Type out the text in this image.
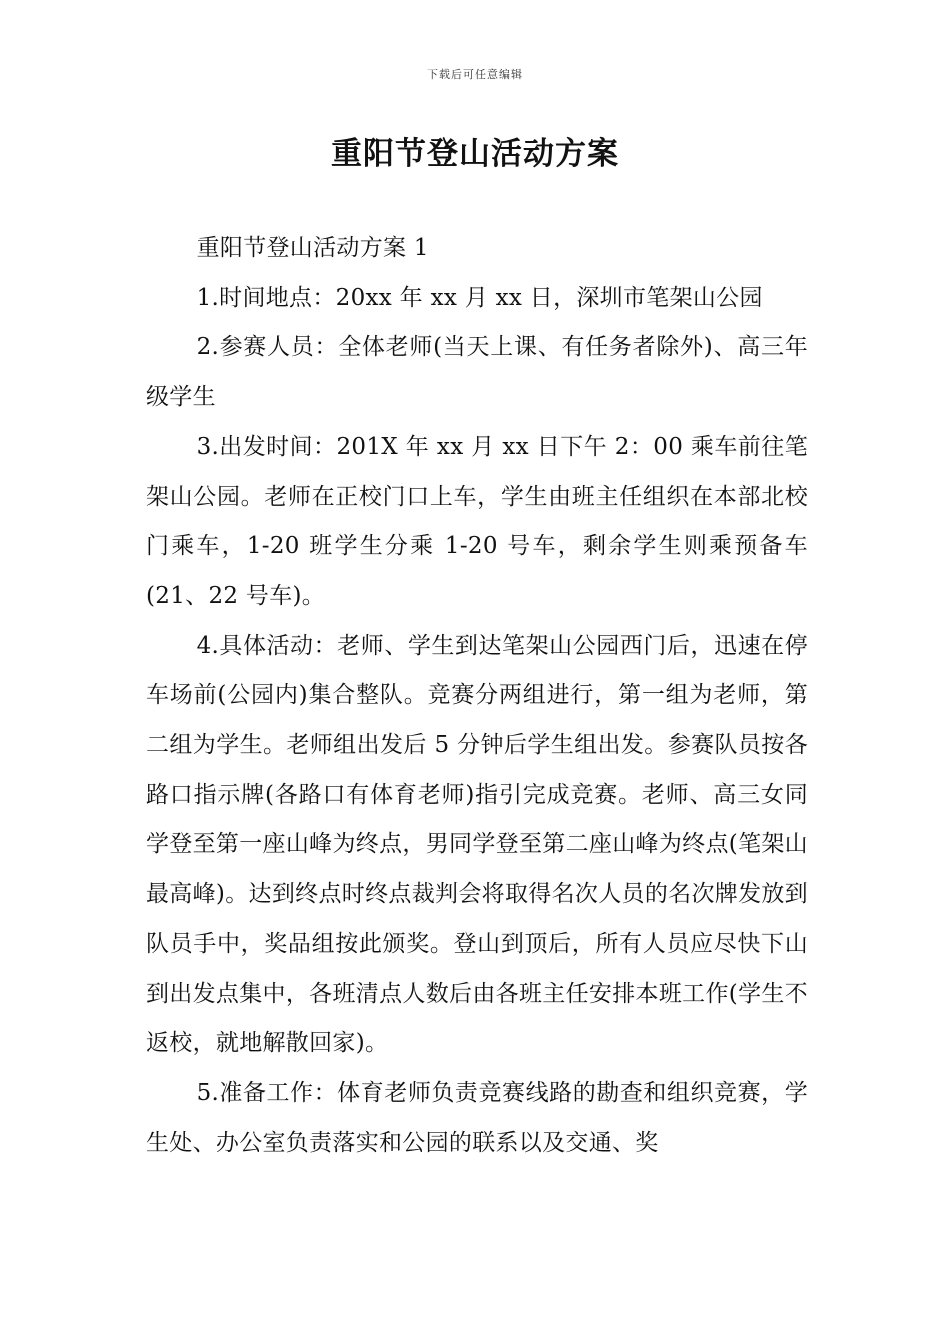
下载后可任意编辑
重阳节登山活动方案

重阳节登山活动方案 1

1.时间地点：20xx 年 xx 月 xx 日，深圳市笔架山公园

2.参赛人员：全体老师(当天上课、有任务者除外)、高三年级学生

3.出发时间：201X 年 xx 月 xx 日下午 2：00 乘车前往笔架山公园。老师在正校门口上车，学生由班主任组织在本部北校门乘车，1-20 班学生分乘 1-20 号车，剩余学生则乘预备车(21、22 号车)。

4.具体活动：老师、学生到达笔架山公园西门后，迅速在停车场前(公园内)集合整队。竞赛分两组进行，第一组为老师，第二组为学生。老师组出发后 5 分钟后学生组出发。参赛队员按各路口指示牌(各路口有体育老师)指引完成竞赛。老师、高三女同学登至第一座山峰为终点，男同学登至第二座山峰为终点(笔架山最高峰)。达到终点时终点裁判会将取得名次人员的名次牌发放到队员手中，奖品组按此颁奖。登山到顶后，所有人员应尽快下山到出发点集中，各班清点人数后由各班主任安排本班工作(学生不返校，就地解散回家)。

5.准备工作：体育老师负责竞赛线路的勘查和组织竞赛，学生处、办公室负责落实和公园的联系以及交通、奖
